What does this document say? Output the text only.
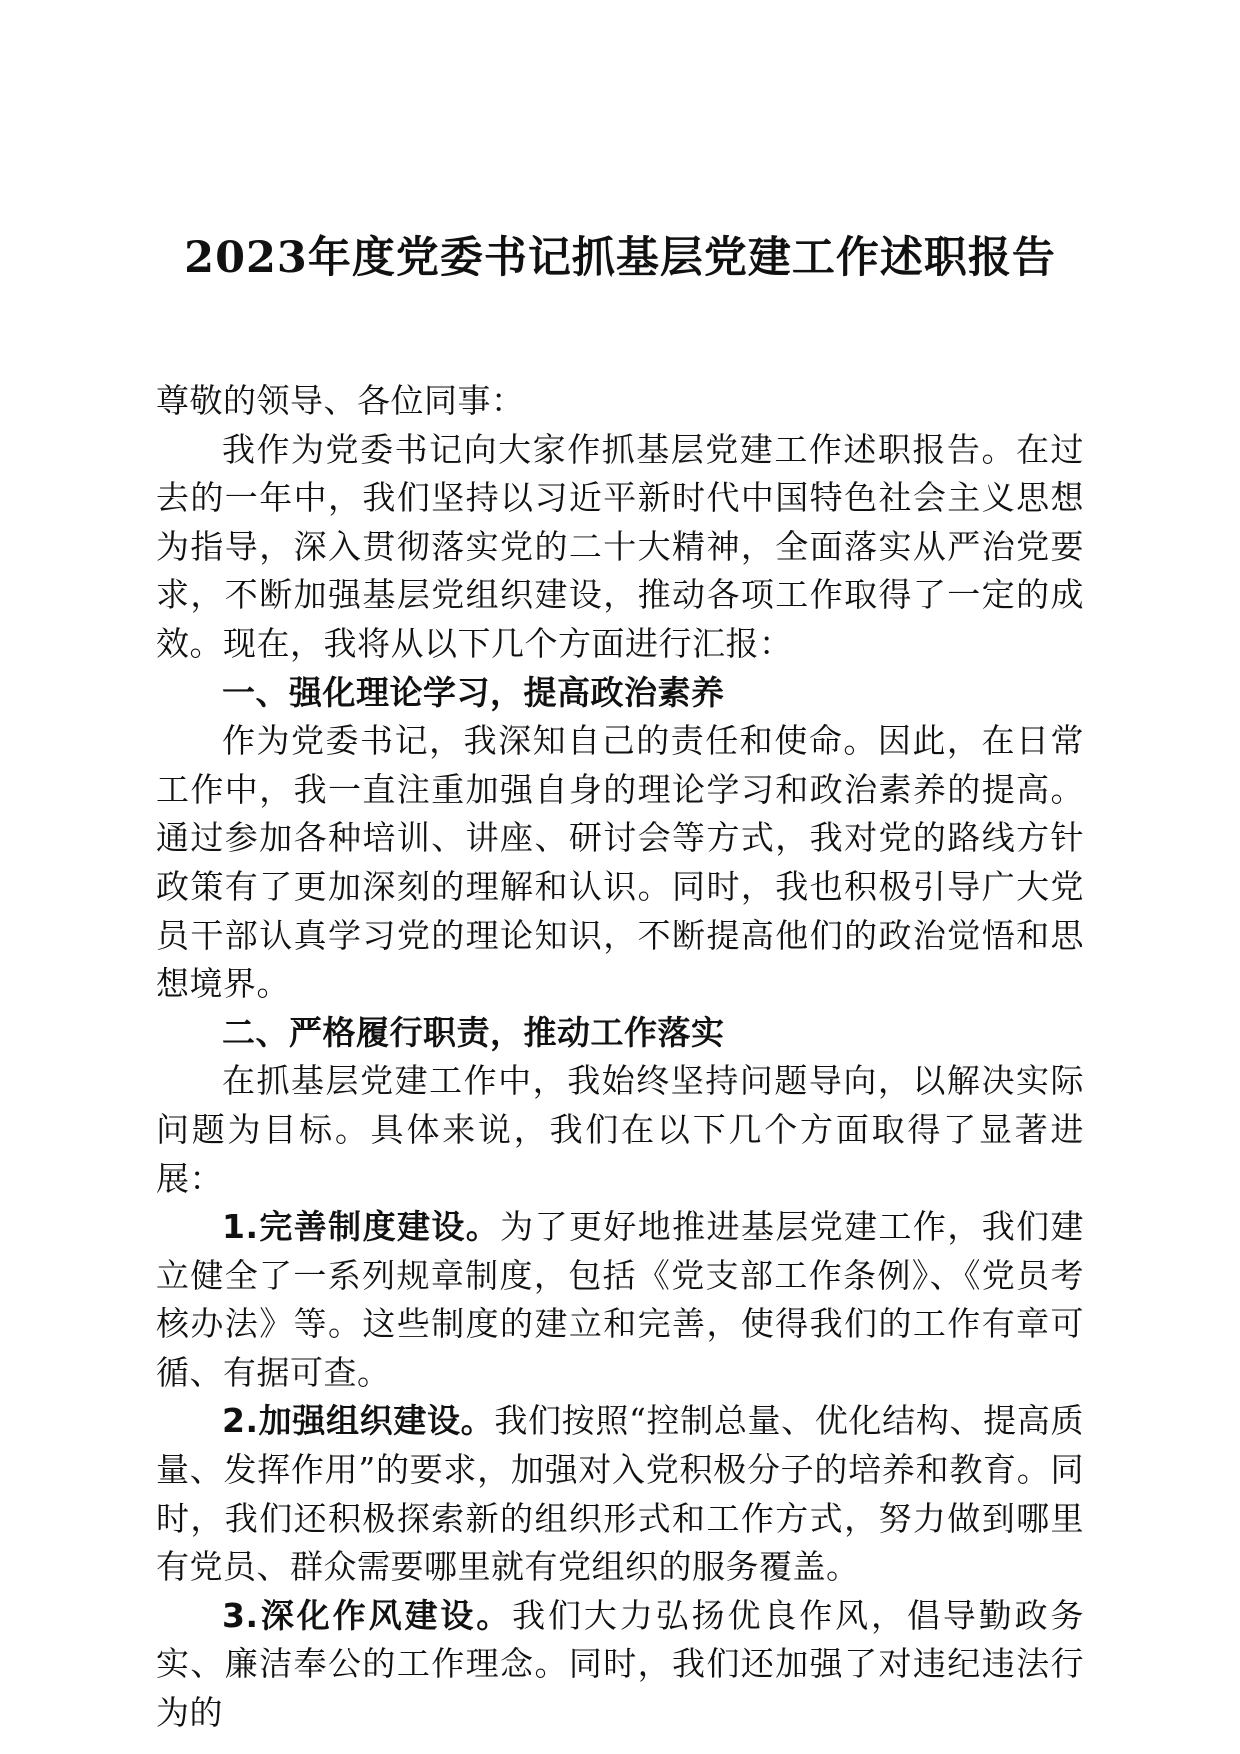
2023年度党委书记抓基层党建工作述职报告

尊敬的领导、各位同事：

我作为党委书记向大家作抓基层党建工作述职报告。在过去的一年中，我们坚持以习近平新时代中国特色社会主义思想为指导，深入贯彻落实党的二十大精神，全面落实从严治党要求，不断加强基层党组织建设，推动各项工作取得了一定的成效。现在，我将从以下几个方面进行汇报：

一、强化理论学习，提高政治素养

作为党委书记，我深知自己的责任和使命。因此，在日常工作中，我一直注重加强自身的理论学习和政治素养的提高。通过参加各种培训、讲座、研讨会等方式，我对党的路线方针政策有了更加深刻的理解和认识。同时，我也积极引导广大党员干部认真学习党的理论知识，不断提高他们的政治觉悟和思想境界。

二、严格履行职责，推动工作落实

在抓基层党建工作中，我始终坚持问题导向，以解决实际问题为目标。具体来说，我们在以下几个方面取得了显著进展：

1.完善制度建设。为了更好地推进基层党建工作，我们建立健全了一系列规章制度，包括《党支部工作条例》、《党员考核办法》等。这些制度的建立和完善，使得我们的工作有章可循、有据可查。

2.加强组织建设。我们按照“控制总量、优化结构、提高质量、发挥作用”的要求，加强对入党积极分子的培养和教育。同时，我们还积极探索新的组织形式和工作方式，努力做到哪里有党员、群众需要哪里就有党组织的服务覆盖。

3.深化作风建设。我们大力弘扬优良作风，倡导勤政务实、廉洁奉公的工作理念。同时，我们还加强了对违纪违法行为的
